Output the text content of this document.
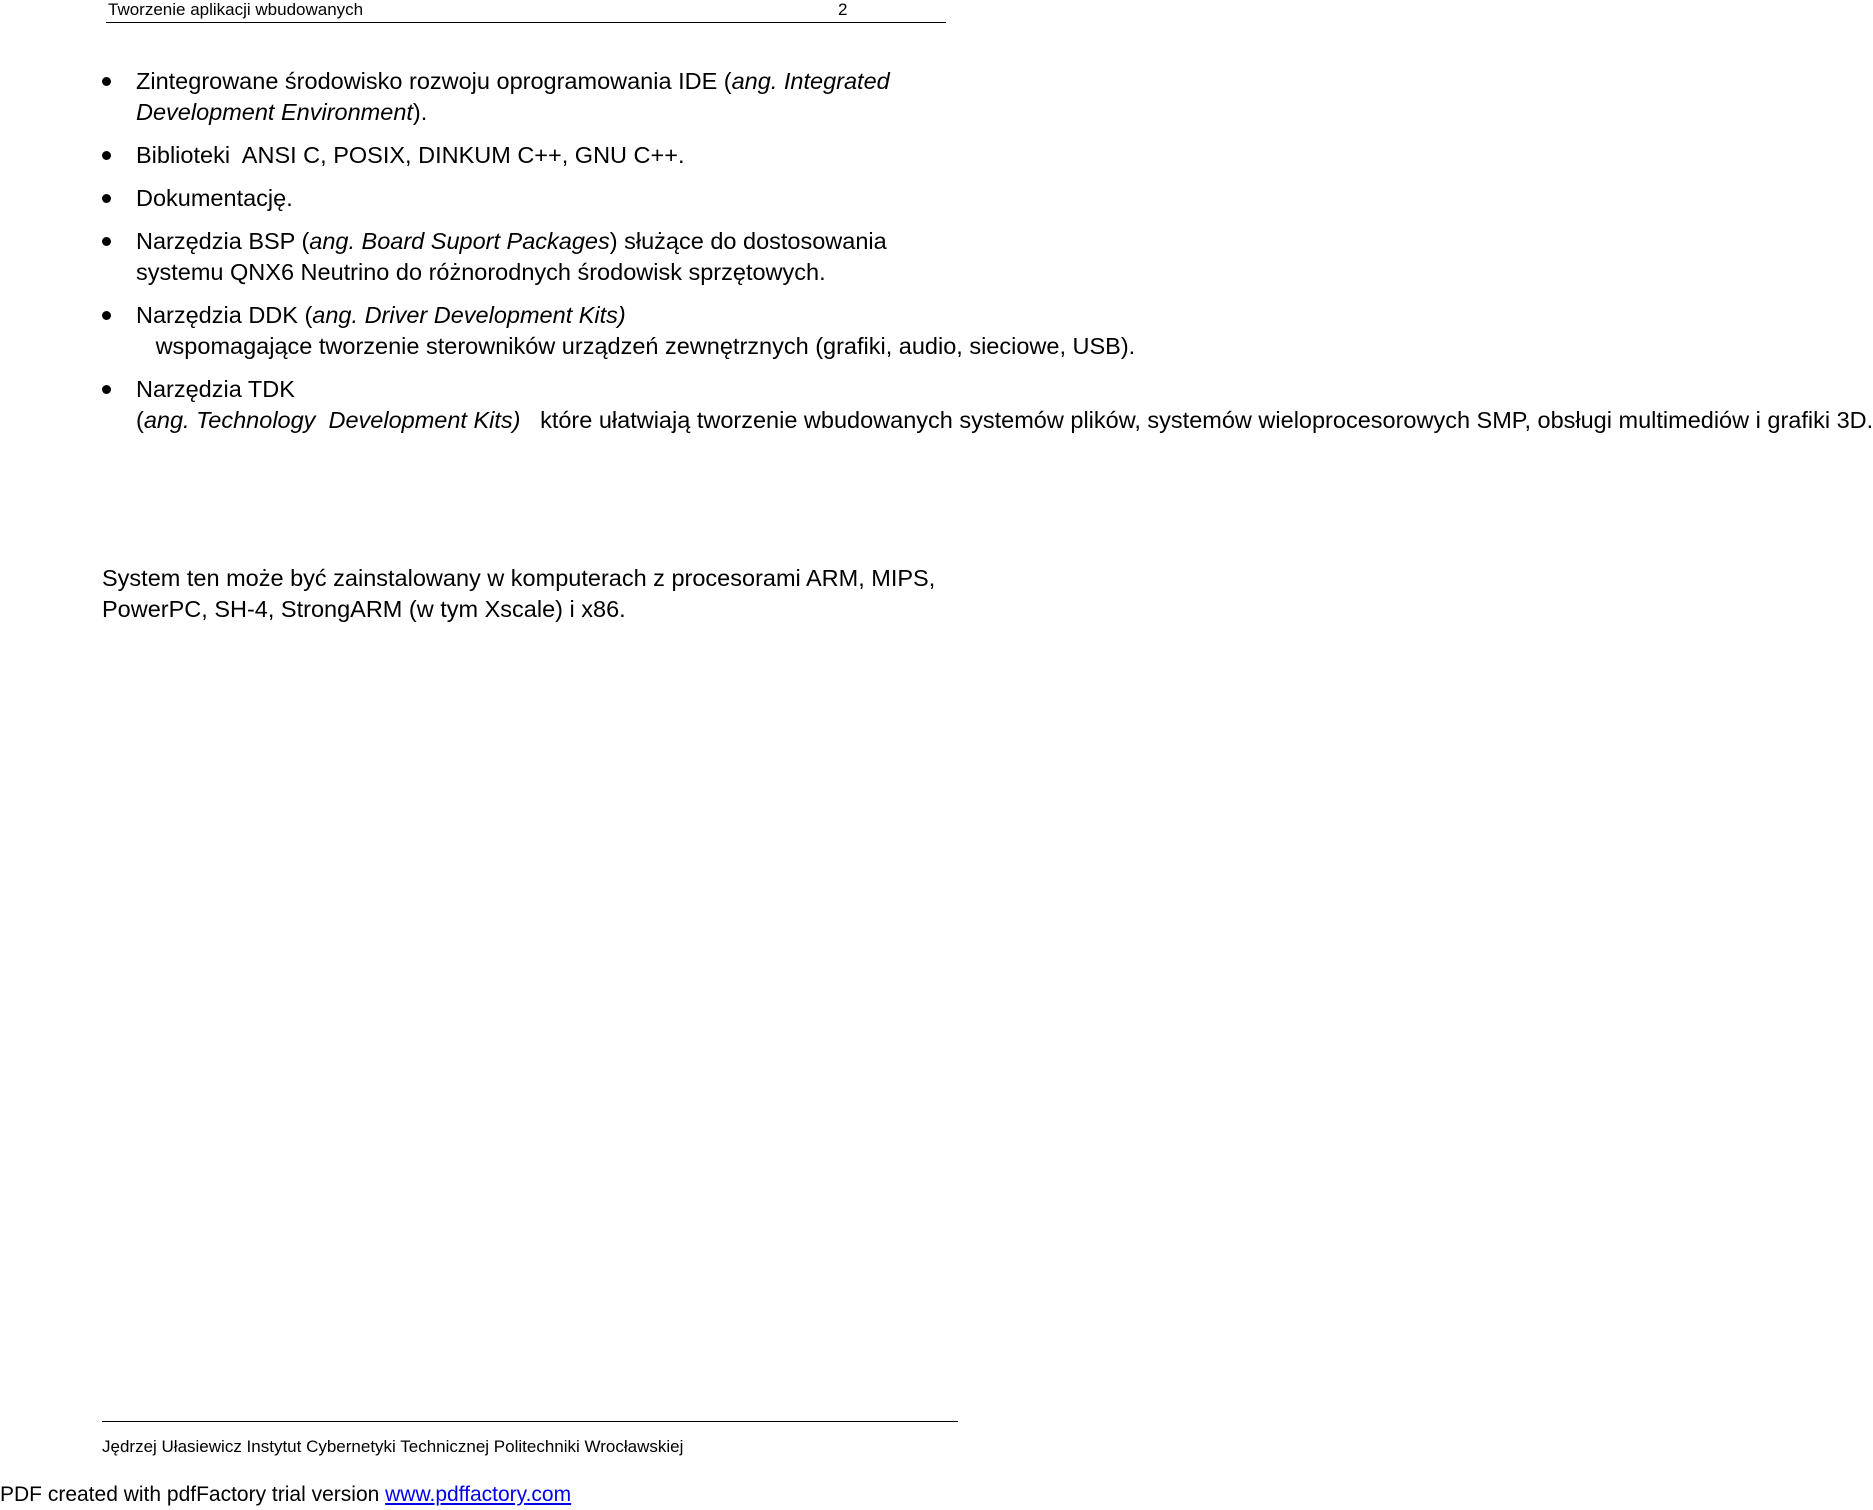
Tworzenie aplikacji wbudowanych	2
Zintegrowane środowisko rozwoju oprogramowania IDE (ang. Integrated Development Environment).
Biblioteki  ANSI C, POSIX, DINKUM C++, GNU C++.
Dokumentację.
Narzędzia BSP (ang. Board Suport Packages) służące do dostosowania systemu QNX6 Neutrino do różnorodnych środowisk sprzętowych.
Narzędzia DDK (ang. Driver Development Kits)   wspomagające tworzenie sterowników urządzeń zewnętrznych (grafiki, audio, sieciowe, USB).
Narzędzia TDK (ang. Technology  Development Kits)   które ułatwiają tworzenie wbudowanych systemów plików, systemów wieloprocesorowych SMP, obsługi multimediów i grafiki 3D.

System ten może być zainstalowany w komputerach z procesorami ARM, MIPS, PowerPC, SH-4, StrongARM (w tym Xscale) i x86.

Jędrzej Ułasiewicz Instytut Cybernetyki Technicznej Politechniki Wrocławskiej
PDF created with pdfFactory trial version www.pdffactory.com
